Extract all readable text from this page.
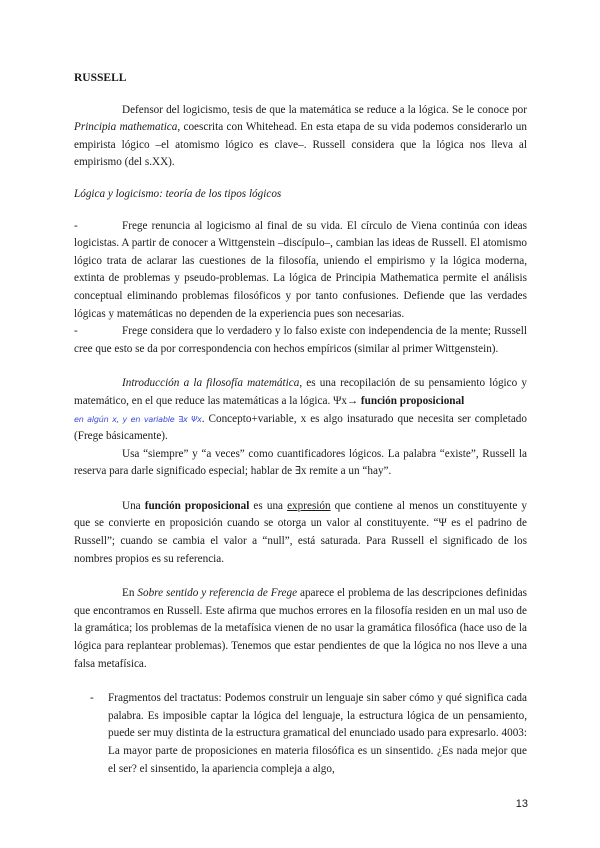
RUSSELL

Defensor del logicismo, tesis de que la matemática se reduce a la lógica. Se le conoce por Principia mathematica, coescrita con Whitehead. En esta etapa de su vida podemos considerarlo un empirista lógico –el atomismo lógico es clave–. Russell considera que la lógica nos lleva al empirismo (del s.XX).

Lógica y logicismo: teoría de los tipos lógicos
-	Frege renuncia al logicismo al final de su vida. El círculo de Viena continúa con ideas logicistas. A partir de conocer a Wittgenstein –discípulo–, cambian las ideas de Russell. El atomismo lógico trata de aclarar las cuestiones de la filosofía, uniendo el empirismo y la lógica moderna, extinta de problemas y pseudo-problemas. La lógica de Principia Mathematica permite el análisis conceptual eliminando problemas filosóficos y por tanto confusiones. Defiende que las verdades lógicas y matemáticas no dependen de la experiencia pues son necesarias.
-	Frege considera que lo verdadero y lo falso existe con independencia de la mente; Russell cree que esto se da por correspondencia con hechos empíricos (similar al primer Wittgenstein).

Introducción a la filosofía matemática, es una recopilación de su pensamiento lógico y matemático, en el que reduce las matemáticas a la lógica. Ψx→ función proposicional
en algún x, y en variable ∃x Ψx. Concepto+variable, x es algo insaturado que necesita ser completado (Frege básicamente).

Usa “siempre” y “a veces” como cuantificadores lógicos. La palabra “existe”, Russell la reserva para darle significado especial; hablar de ∃x remite a un “hay”.

Una función proposicional es una expresión que contiene al menos un constituyente y que se convierte en proposición cuando se otorga un valor al constituyente. “Ψ es el padrino de Russell”; cuando se cambia el valor a “null”, está saturada. Para Russell el significado de los nombres propios es su referencia.

En Sobre sentido y referencia de Frege aparece el problema de las descripciones definidas que encontramos en Russell. Este afirma que muchos errores en la filosofía residen en un mal uso de la gramática; los problemas de la metafísica vienen de no usar la gramática filosófica (hace uso de la lógica para replantear problemas). Tenemos que estar pendientes de que la lógica no nos lleve a una falsa metafísica.

- Fragmentos del tractatus: Podemos construir un lenguaje sin saber cómo y qué significa cada palabra. Es imposible captar la lógica del lenguaje, la estructura lógica de un pensamiento, puede ser muy distinta de la estructura gramatical del enunciado usado para expresarlo. 4003: La mayor parte de proposiciones en materia filosófica es un sinsentido. ¿Es nada mejor que el ser? el sinsentido, la apariencia compleja a algo,
13
